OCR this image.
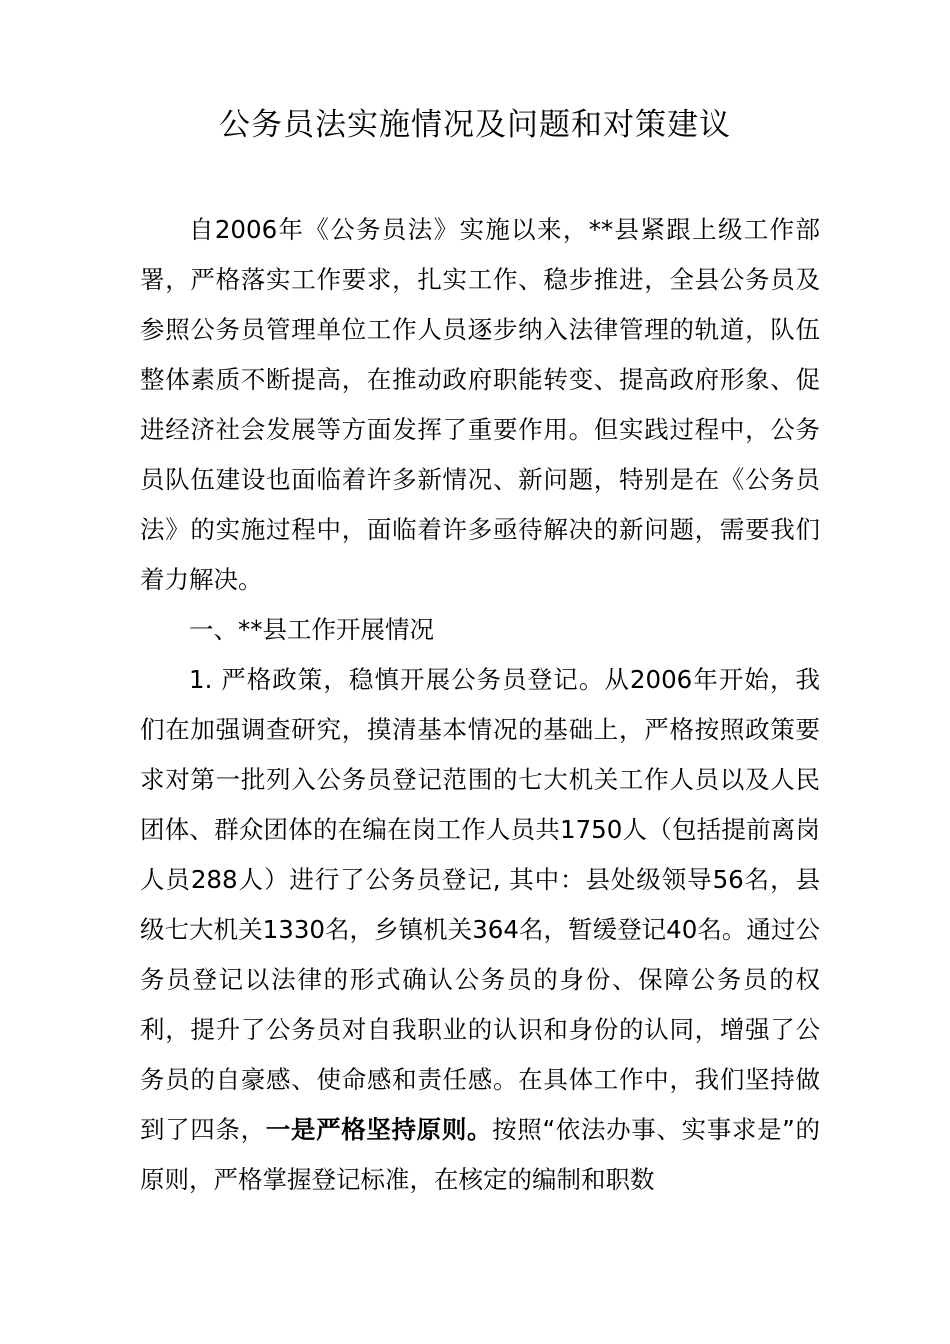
公务员法实施情况及问题和对策建议

自2006年《公务员法》实施以来，**县紧跟上级工作部署，严格落实工作要求，扎实工作、稳步推进，全县公务员及参照公务员管理单位工作人员逐步纳入法律管理的轨道，队伍整体素质不断提高，在推动政府职能转变、提高政府形象、促进经济社会发展等方面发挥了重要作用。但实践过程中，公务员队伍建设也面临着许多新情况、新问题，特别是在《公务员法》的实施过程中，面临着许多亟待解决的新问题，需要我们着力解决。

一、**县工作开展情况

1. 严格政策，稳慎开展公务员登记。从2006年开始，我们在加强调查研究，摸清基本情况的基础上，严格按照政策要求对第一批列入公务员登记范围的七大机关工作人员以及人民团体、群众团体的在编在岗工作人员共1750人（包括提前离岗人员288人）进行了公务员登记, 其中：县处级领导56名，县级七大机关1330名，乡镇机关364名，暂缓登记40名。通过公务员登记以法律的形式确认公务员的身份、保障公务员的权利，提升了公务员对自我职业的认识和身份的认同，增强了公务员的自豪感、使命感和责任感。在具体工作中，我们坚持做到了四条，一是严格坚持原则。按照“依法办事、实事求是”的原则，严格掌握登记标准，在核定的编制和职数
